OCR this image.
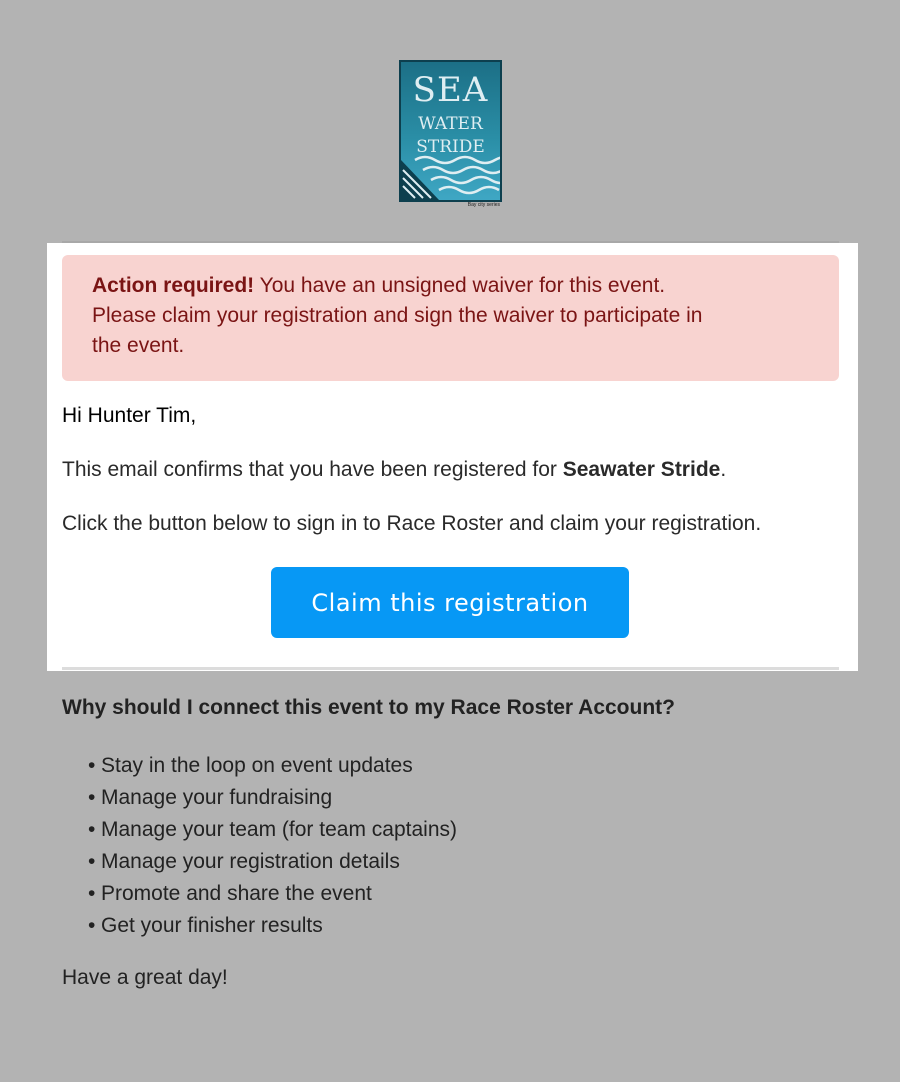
SEA
WATER
STRIDE
Bay city series
Action required! You have an unsigned waiver for this event.
Please claim your registration and sign the waiver to participate in
the event.
Hi Hunter Tim,
This email confirms that you have been registered for Seawater Stride.
Click the button below to sign in to Race Roster and claim your registration.
Claim this registration
Why should I connect this event to my Race Roster Account?
• Stay in the loop on event updates
• Manage your fundraising
• Manage your team (for team captains)
• Manage your registration details
• Promote and share the event
• Get your finisher results
Have a great day!
